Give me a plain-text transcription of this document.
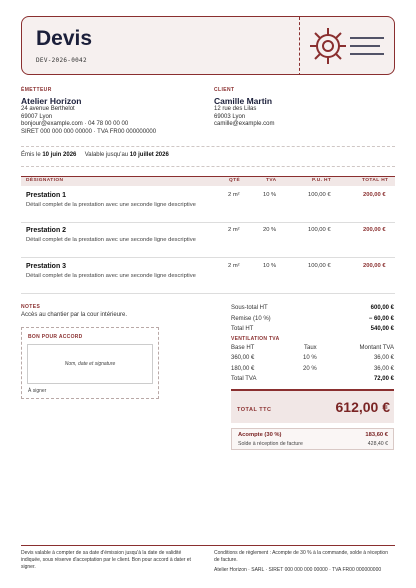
Devis
DEV-2026-0042
ÉMETTEUR
Atelier Horizon
24 avenue Berthelot
69007 Lyon
bonjour@example.com · 04 78 00 00 00
SIRET 000 000 000 00000 · TVA FR00 000000000
CLIENT
Camille Martin
12 rue des Lilas
69003 Lyon
camille@example.com
Émis le 10 juin 2026 Valable jusqu'au 10 juillet 2026
DÉSIGNATION	QTÉ	TVA	P.U. HT	TOTAL HT
Prestation 1
Détail complet de la prestation avec une seconde ligne descriptive
2 m²	10 %	100,00 €	200,00 €
Prestation 2
Détail complet de la prestation avec une seconde ligne descriptive
2 m²	20 %	100,00 €	200,00 €
Prestation 3
Détail complet de la prestation avec une seconde ligne descriptive
2 m²	10 %	100,00 €	200,00 €
NOTES
Accès au chantier par la cour intérieure.
BON POUR ACCORD
Nom, date et signature
À signer
Sous-total HT	600,00 €
Remise (10 %)	− 60,00 €
Total HT	540,00 €
VENTILATION TVA
Base HT	Taux	Montant TVA
360,00 €	10 %	36,00 €
180,00 €	20 %	36,00 €
Total TVA	72,00 €
TOTAL TTC	612,00 €
Acompte (30 %)	183,60 €
Solde à réception de facture	428,40 €
Devis valable à compter de sa date d'émission jusqu'à la date de validité indiquée, sous réserve d'acceptation par le client. Bon pour accord à dater et signer.
Conditions de règlement : Acompte de 30 % à la commande, solde à réception de facture.
Atelier Horizon · SARL · SIRET 000 000 000 00000 · TVA FR00 000000000
